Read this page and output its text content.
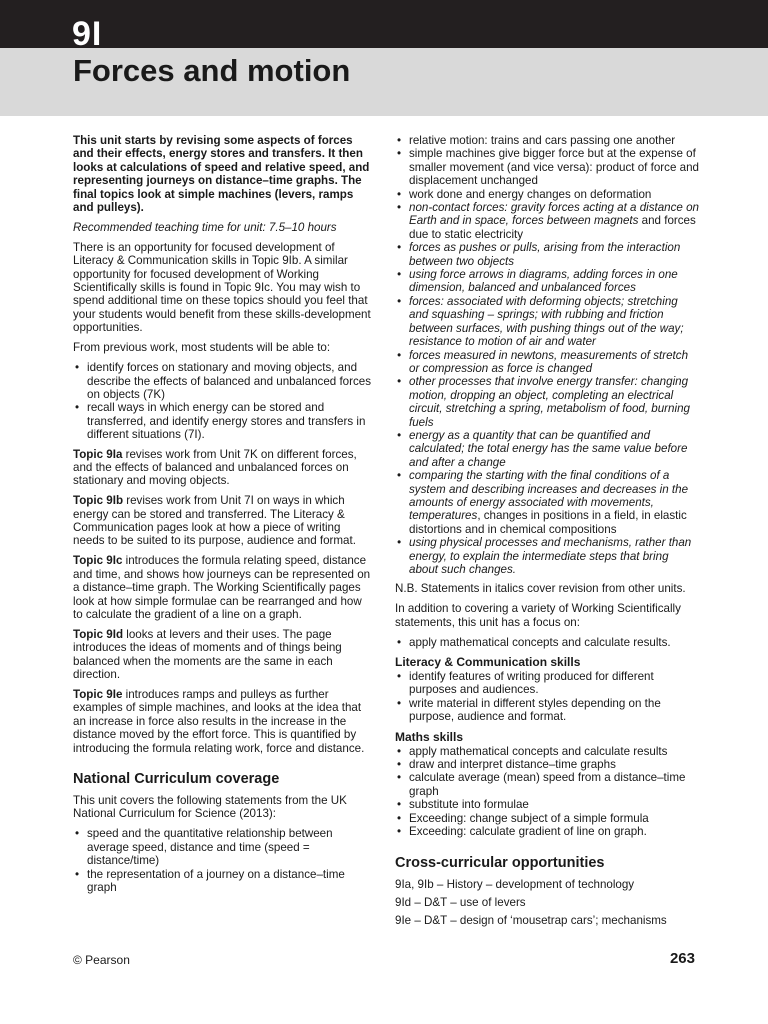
9I
Forces and motion

This unit starts by revising some aspects of forces and their effects, energy stores and transfers. It then looks at calculations of speed and relative speed, and representing journeys on distance–time graphs. The final topics look at simple machines (levers, ramps and pulleys).

Recommended teaching time for unit: 7.5–10 hours

There is an opportunity for focused development of Literacy & Communication skills in Topic 9Ib. A similar opportunity for focused development of Working Scientifically skills is found in Topic 9Ic. You may wish to spend additional time on these topics should you feel that your students would benefit from these skills-development opportunities.

From previous work, most students will be able to:

• identify forces on stationary and moving objects, and describe the effects of balanced and unbalanced forces on objects (7K)
• recall ways in which energy can be stored and transferred, and identify energy stores and transfers in different situations (7I).

Topic 9Ia revises work from Unit 7K on different forces, and the effects of balanced and unbalanced forces on stationary and moving objects.

Topic 9Ib revises work from Unit 7I on ways in which energy can be stored and transferred. The Literacy & Communication pages look at how a piece of writing needs to be suited to its purpose, audience and format.

Topic 9Ic introduces the formula relating speed, distance and time, and shows how journeys can be represented on a distance–time graph. The Working Scientifically pages look at how simple formulae can be rearranged and how to calculate the gradient of a line on a graph.

Topic 9Id looks at levers and their uses. The page introduces the ideas of moments and of things being balanced when the moments are the same in each direction.

Topic 9Ie introduces ramps and pulleys as further examples of simple machines, and looks at the idea that an increase in force also results in the increase in the distance moved by the effort force. This is quantified by introducing the formula relating work, force and distance.

National Curriculum coverage

This unit covers the following statements from the UK National Curriculum for Science (2013):

• speed and the quantitative relationship between average speed, distance and time (speed = distance/time)
• the representation of a journey on a distance–time graph
• relative motion: trains and cars passing one another
• simple machines give bigger force but at the expense of smaller movement (and vice versa): product of force and displacement unchanged
• work done and energy changes on deformation
• non-contact forces: gravity forces acting at a distance on Earth and in space, forces between magnets and forces due to static electricity
• forces as pushes or pulls, arising from the interaction between two objects
• using force arrows in diagrams, adding forces in one dimension, balanced and unbalanced forces
• forces: associated with deforming objects; stretching and squashing – springs; with rubbing and friction between surfaces, with pushing things out of the way; resistance to motion of air and water
• forces measured in newtons, measurements of stretch or compression as force is changed
• other processes that involve energy transfer: changing motion, dropping an object, completing an electrical circuit, stretching a spring, metabolism of food, burning fuels
• energy as a quantity that can be quantified and calculated; the total energy has the same value before and after a change
• comparing the starting with the final conditions of a system and describing increases and decreases in the amounts of energy associated with movements, temperatures, changes in positions in a field, in elastic distortions and in chemical compositions
• using physical processes and mechanisms, rather than energy, to explain the intermediate steps that bring about such changes.

N.B. Statements in italics cover revision from other units.

In addition to covering a variety of Working Scientifically statements, this unit has a focus on:

• apply mathematical concepts and calculate results.
Literacy & Communication skills
• identify features of writing produced for different purposes and audiences.
• write material in different styles depending on the purpose, audience and format.
Maths skills
• apply mathematical concepts and calculate results
• draw and interpret distance–time graphs
• calculate average (mean) speed from a distance–time graph
• substitute into formulae
• Exceeding: change subject of a simple formula
• Exceeding: calculate gradient of line on graph.
Cross-curricular opportunities

9Ia, 9Ib – History – development of technology

9Id – D&T – use of levers

9Ie – D&T – design of ‘mousetrap cars’; mechanisms

© Pearson	263
